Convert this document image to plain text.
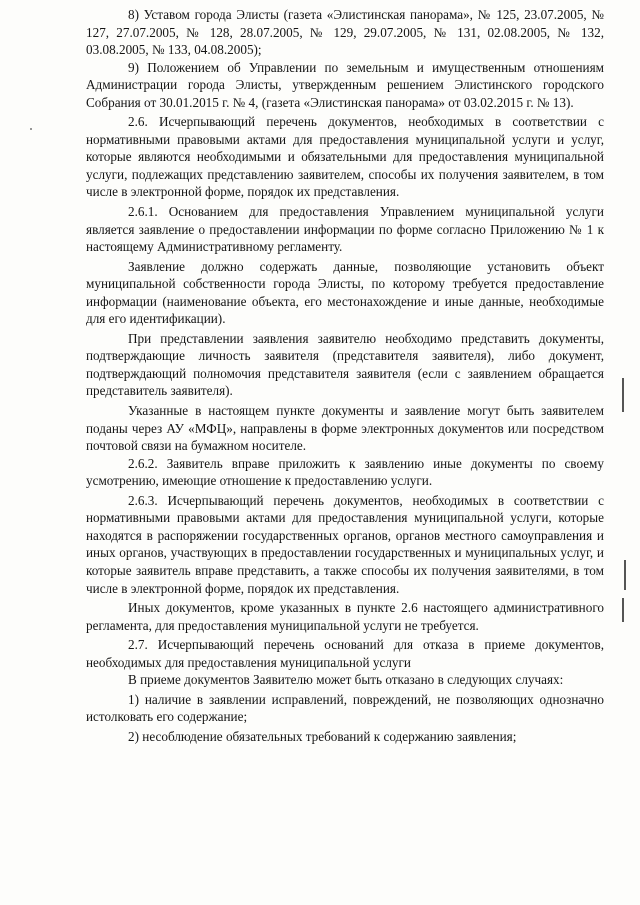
8) Уставом города Элисты (газета «Элистинская панорама», № 125, 23.07.2005, № 127, 27.07.2005, № 128, 28.07.2005, № 129, 29.07.2005, № 131, 02.08.2005, № 132, 03.08.2005, № 133, 04.08.2005);

9) Положением об Управлении по земельным и имущественным отношениям Администрации города Элисты, утвержденным решением Элистинского городского Собрания от 30.01.2015 г. № 4, (газета «Элистинская панорама» от 03.02.2015 г. № 13).

2.6. Исчерпывающий перечень документов, необходимых в соответствии с нормативными правовыми актами для предоставления муниципальной услуги и услуг, которые являются необходимыми и обязательными для предоставления муниципальной услуги, подлежащих представлению заявителем, способы их получения заявителем, в том числе в электронной форме, порядок их представления.

2.6.1. Основанием для предоставления Управлением муниципальной услуги является заявление о предоставлении информации по форме согласно Приложению № 1 к настоящему Административному регламенту.

Заявление должно содержать данные, позволяющие установить объект муниципальной собственности города Элисты, по которому требуется предоставление информации (наименование объекта, его местонахождение и иные данные, необходимые для его идентификации).

При представлении заявления заявителю необходимо представить документы, подтверждающие личность заявителя (представителя заявителя), либо документ, подтверждающий полномочия представителя заявителя (если с заявлением обращается представитель заявителя).

Указанные в настоящем пункте документы и заявление могут быть заявителем поданы через АУ «МФЦ», направлены в форме электронных документов или посредством почтовой связи на бумажном носителе.

2.6.2. Заявитель вправе приложить к заявлению иные документы по своему усмотрению, имеющие отношение к предоставлению услуги.

2.6.3. Исчерпывающий перечень документов, необходимых в соответствии с нормативными правовыми актами для предоставления муниципальной услуги, которые находятся в распоряжении государственных органов, органов местного самоуправления и иных органов, участвующих в предоставлении государственных и муниципальных услуг, и которые заявитель вправе представить, а также способы их получения заявителями, в том числе в электронной форме, порядок их представления.

Иных документов, кроме указанных в пункте 2.6 настоящего административного регламента, для предоставления муниципальной услуги не требуется.

2.7. Исчерпывающий перечень оснований для отказа в приеме документов, необходимых для предоставления муниципальной услуги

В приеме документов Заявителю может быть отказано в следующих случаях:

1) наличие в заявлении исправлений, повреждений, не позволяющих однозначно истолковать его содержание;

2) несоблюдение обязательных требований к содержанию заявления;
